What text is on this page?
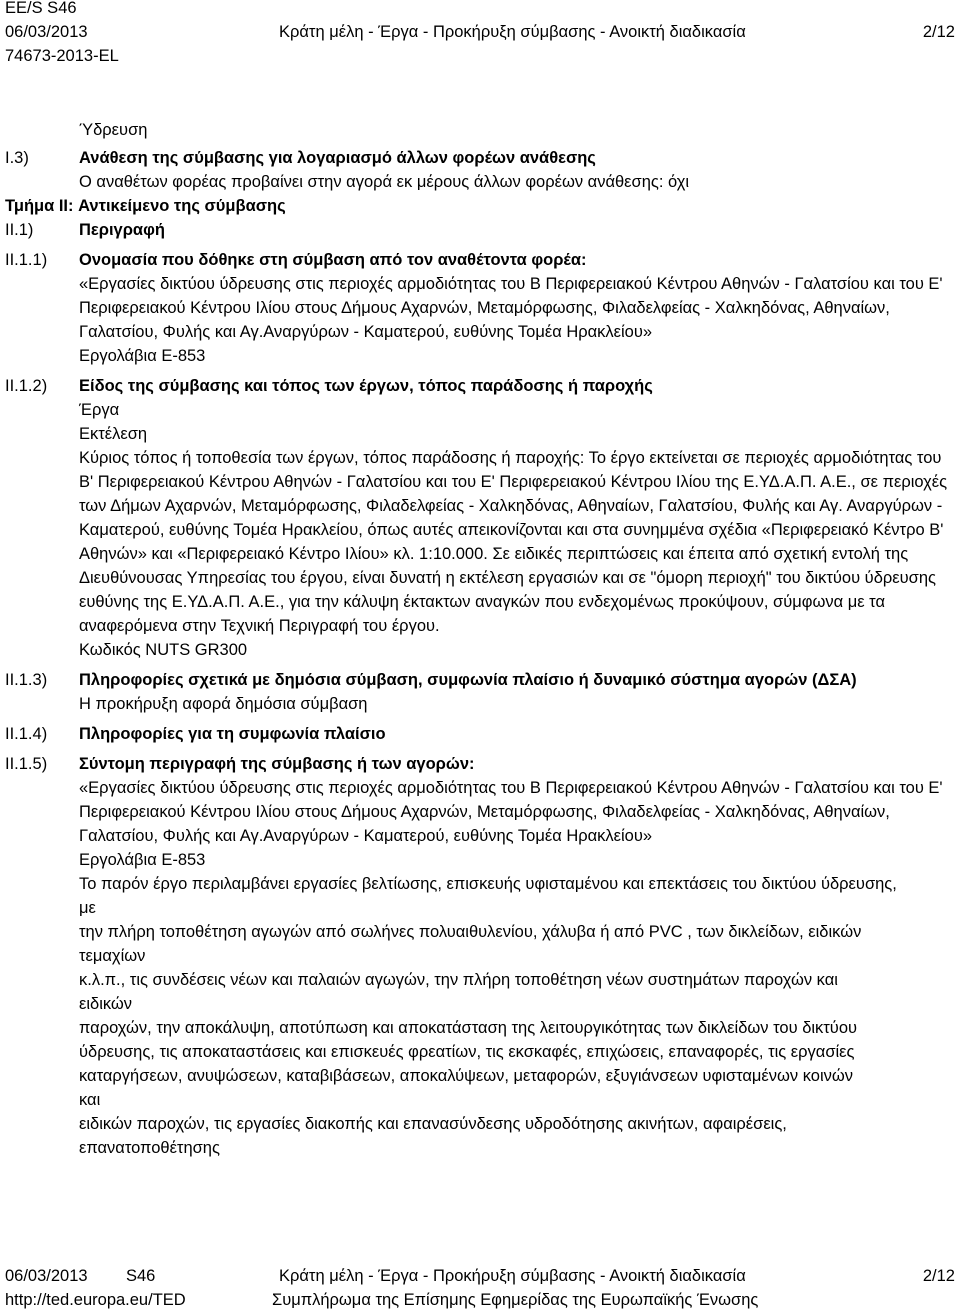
EE/S S46
06/03/2013	Κράτη μέλη - Έργα - Προκήρυξη σύμβασης - Ανοικτή διαδικασία	2/12
74673-2013-EL
Ύδρευση
I.3)	Ανάθεση της σύμβασης για λογαριασμό άλλων φορέων ανάθεσης
Ο αναθέτων φορέας προβαίνει στην αγορά εκ μέρους άλλων φορέων ανάθεσης: όχι
Τμήμα II: Αντικείμενο της σύμβασης
II.1)	Περιγραφή
II.1.1) Ονομασία που δόθηκε στη σύμβαση από τον αναθέτοντα φορέα:
«Εργασίες δικτύου ύδρευσης στις περιοχές αρμοδιότητας του Β Περιφερειακού Κέντρου Αθηνών - Γαλατσίου και του Ε' Περιφερειακού Κέντρου Ιλίου στους Δήμους Αχαρνών, Μεταμόρφωσης, Φιλαδελφείας - Χαλκηδόνας, Αθηναίων, Γαλατσίου, Φυλής και Αγ.Αναργύρων - Καματερού, ευθύνης Τομέα Ηρακλείου»
Εργολάβια Ε-853
II.1.2) Είδος της σύμβασης και τόπος των έργων, τόπος παράδοσης ή παροχής
Έργα
Εκτέλεση
Κύριος τόπος ή τοποθεσία των έργων, τόπος παράδοσης ή παροχής: Το έργο εκτείνεται σε περιοχές αρμοδιότητας του Β' Περιφερειακού Κέντρου Αθηνών - Γαλατσίου και του Ε' Περιφερειακού Κέντρου Ιλίου της Ε.ΥΔ.Α.Π. Α.Ε., σε περιοχές των Δήμων Αχαρνών, Μεταμόρφωσης, Φιλαδελφείας - Χαλκηδόνας, Αθηναίων, Γαλατσίου, Φυλής και Αγ. Αναργύρων - Καματερού, ευθύνης Τομέα Ηρακλείου, όπως αυτές απεικονίζονται και στα συνημμένα σχέδια «Περιφερειακό Κέντρο Β' Αθηνών» και «Περιφερειακό Κέντρο Ιλίου» κλ. 1:10.000. Σε ειδικές περιπτώσεις και έπειτα από σχετική εντολή της Διευθύνουσας Υπηρεσίας του έργου, είναι δυνατή η εκτέλεση εργασιών και σε "όμορη περιοχή" του δικτύου ύδρευσης ευθύνης της Ε.ΥΔ.Α.Π. Α.Ε., για την κάλυψη έκτακτων αναγκών που ενδεχομένως προκύψουν, σύμφωνα με τα αναφερόμενα στην Τεχνική Περιγραφή του έργου.
Κωδικός NUTS GR300
II.1.3) Πληροφορίες σχετικά με δημόσια σύμβαση, συμφωνία πλαίσιο ή δυναμικό σύστημα αγορών (ΔΣΑ)
Η προκήρυξη αφορά δημόσια σύμβαση
II.1.4) Πληροφορίες για τη συμφωνία πλαίσιο
II.1.5) Σύντομη περιγραφή της σύμβασης ή των αγορών:
«Εργασίες δικτύου ύδρευσης στις περιοχές αρμοδιότητας του Β Περιφερειακού Κέντρου Αθηνών - Γαλατσίου και του Ε' Περιφερειακού Κέντρου Ιλίου στους Δήμους Αχαρνών, Μεταμόρφωσης, Φιλαδελφείας - Χαλκηδόνας, Αθηναίων, Γαλατσίου, Φυλής και Αγ.Αναργύρων - Καματερού, ευθύνης Τομέα Ηρακλείου»
Εργολάβια Ε-853
Το παρόν έργο περιλαμβάνει εργασίες βελτίωσης, επισκευής υφισταμένου και επεκτάσεις του δικτύου ύδρευσης,
με
την πλήρη τοποθέτηση αγωγών από σωλήνες πολυαιθυλενίου, χάλυβα ή από PVC , των δικλείδων, ειδικών
τεμαχίων
κ.λ.π., τις συνδέσεις νέων και παλαιών αγωγών, την πλήρη τοποθέτηση νέων συστημάτων παροχών και
ειδικών
παροχών, την αποκάλυψη, αποτύπωση και αποκατάσταση της λειτουργικότητας των δικλείδων του δικτύου
ύδρευσης, τις αποκαταστάσεις και επισκευές φρεατίων, τις εκσκαφές, επιχώσεις, επαναφορές, τις εργασίες
καταργήσεων, ανυψώσεων, καταβιβάσεων, αποκαλύψεων, μεταφορών, εξυγιάνσεων υφισταμένων κοινών
και
ειδικών παροχών, τις εργασίες διακοπής και επανασύνδεσης υδροδότησης ακινήτων, αφαιρέσεις,
επανατοποθέτησης
06/03/2013 S46	Κράτη μέλη - Έργα - Προκήρυξη σύμβασης - Ανοικτή διαδικασία	2/12
http://ted.europa.eu/TED	Συμπλήρωμα της Επίσημης Εφημερίδας της Ευρωπαϊκής Ένωσης
